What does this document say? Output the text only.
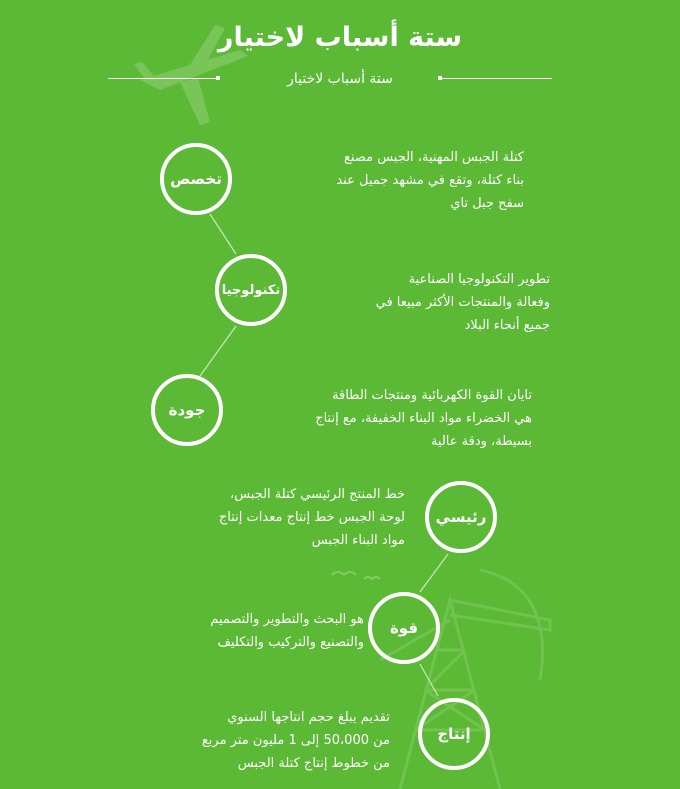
ستة أسباب لاختيار
ستة أسباب لاختيار
تخصص
كتلة الجبس المهنية، الجبس مصنع
بناء كتلة، وتقع في مشهد جميل عند
سفح جبل تاي
تكنولوجيا
تطوير التكنولوجيا الصناعية
وفعالة والمنتجات الأكثر مبيعا في
جميع أنحاء البلاد
جودة
تايان القوة الكهربائية ومنتجات الطاقة
هي الخضراء مواد البناء الخفيفة، مع إنتاج
بسيطة، ودقة عالية
رئيسي
خط المنتج الرئيسي كتلة الجبس،
لوحة الجبس خط إنتاج معدات إنتاج
مواد البناء الجبس
قوة
هو البحث والتطوير والتصميم
والتصنيع والتركيب والتكليف
إنتاج
تقديم يبلغ حجم انتاجها السنوي
من 50،000 إلى 1 مليون متر مربع
من خطوط إنتاج كتلة الجبس
